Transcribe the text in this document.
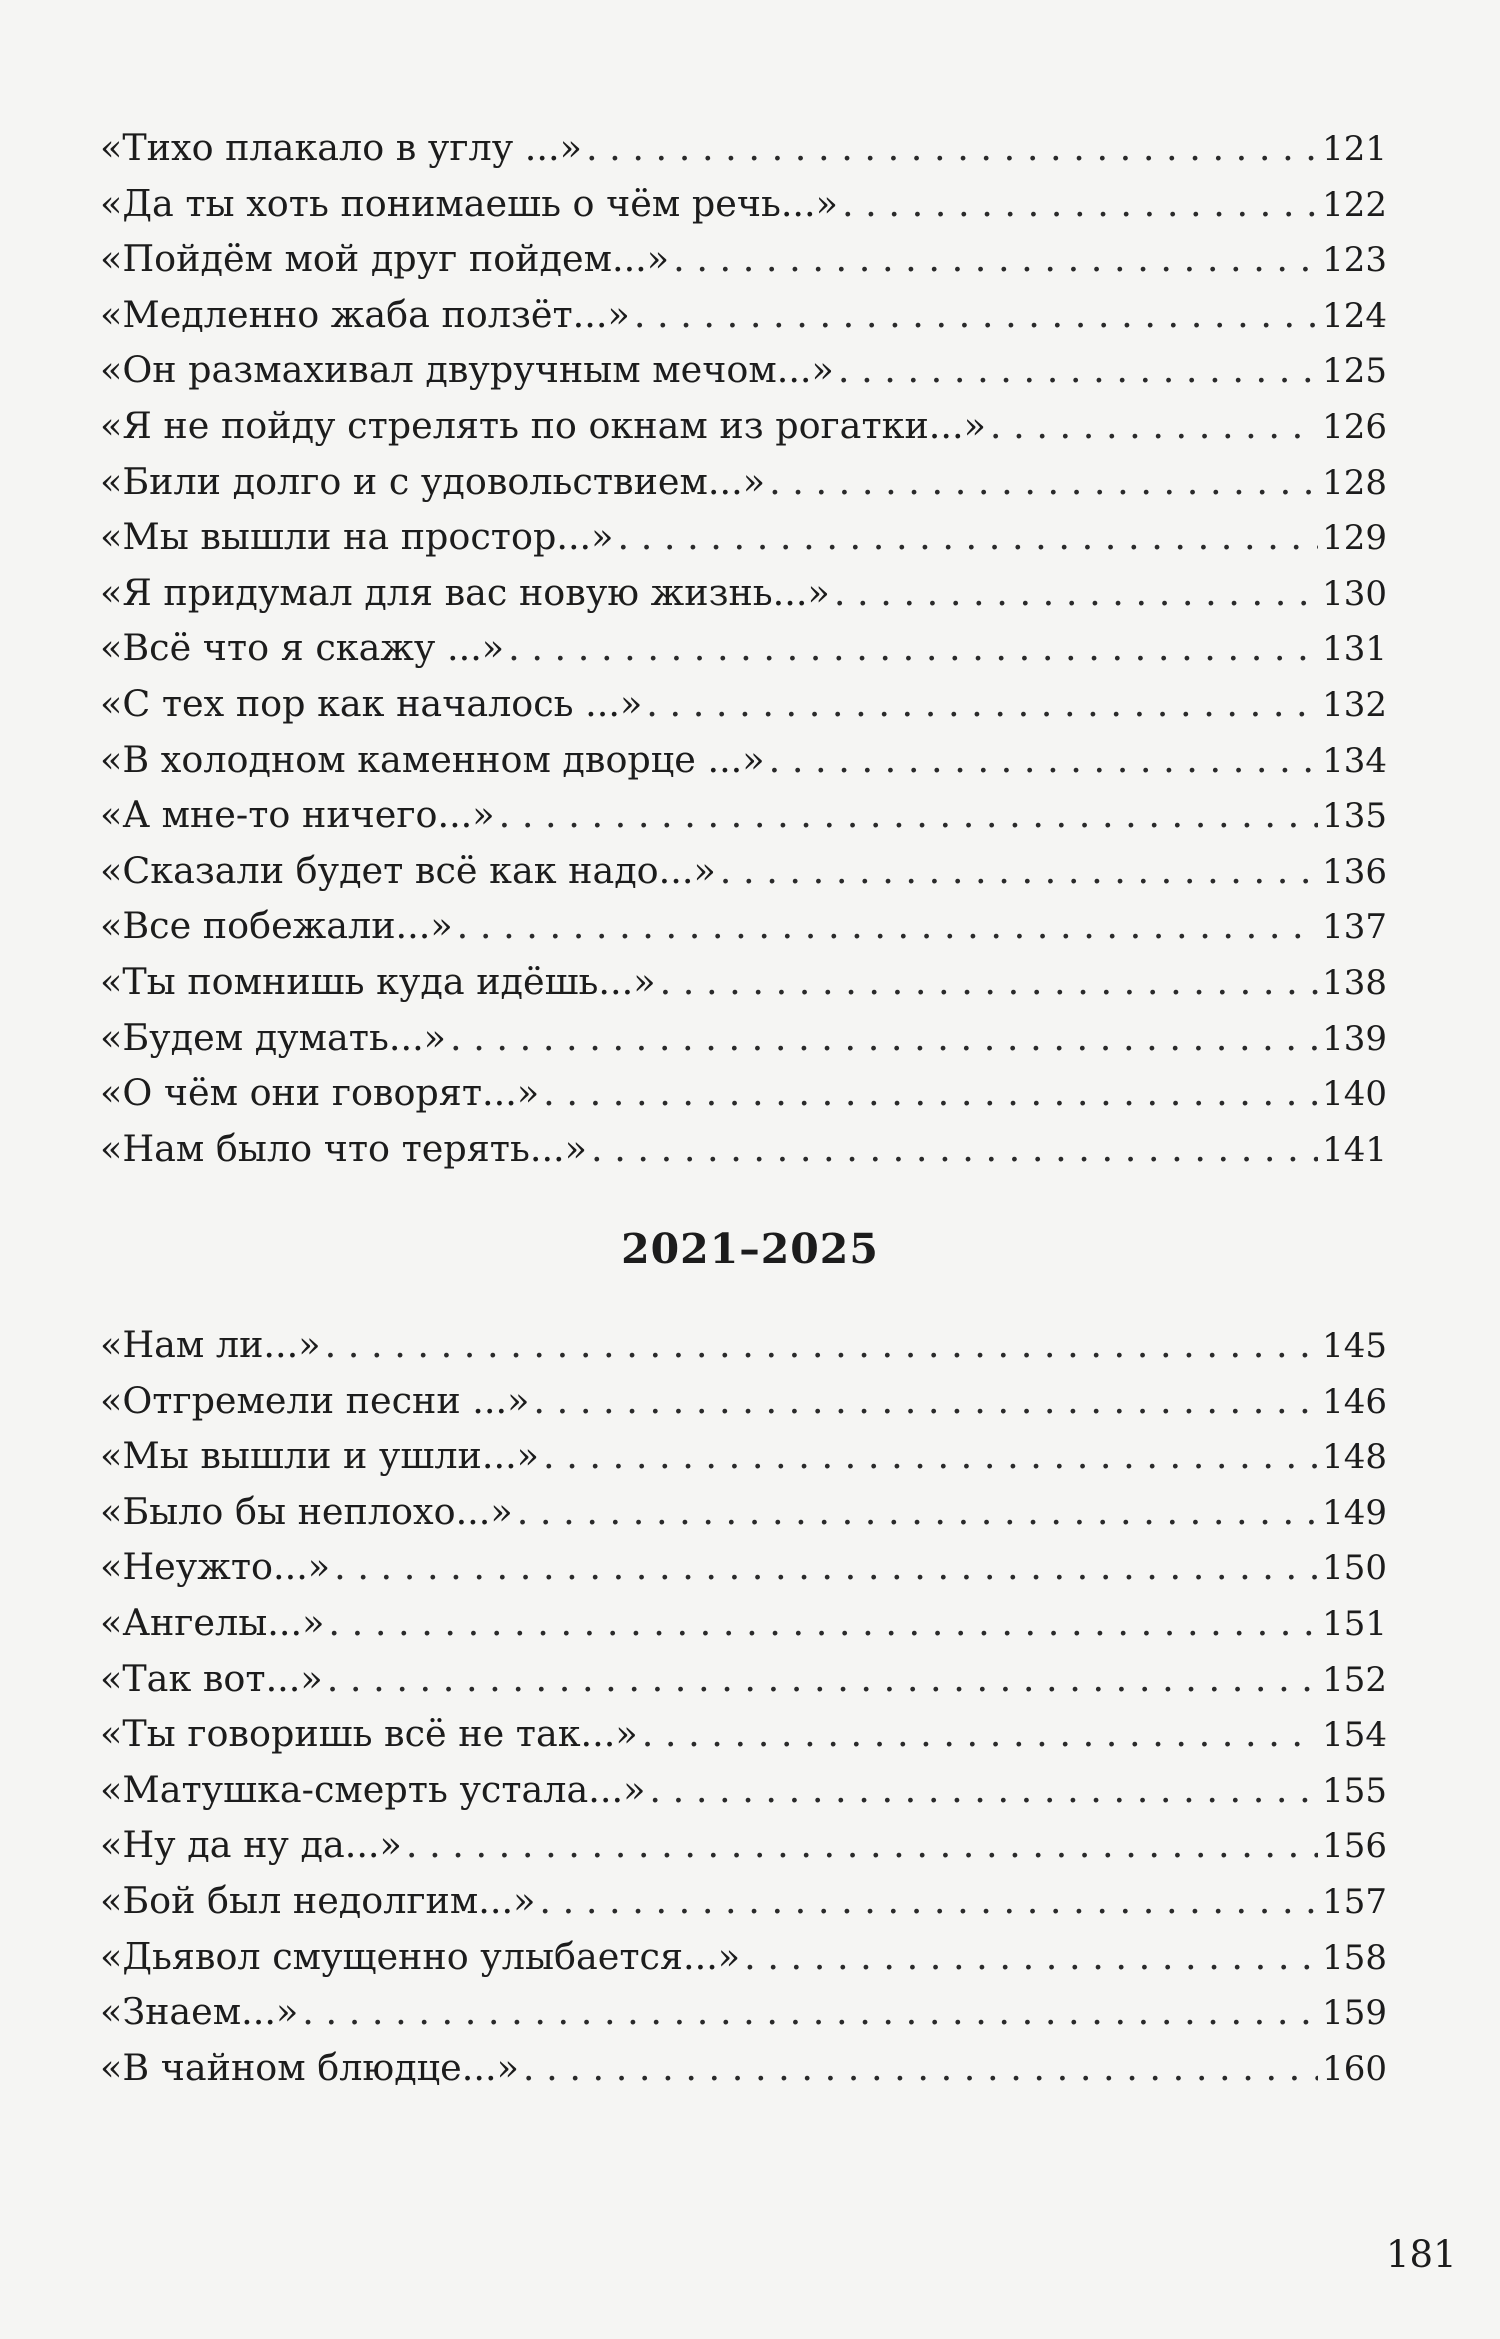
«Тихо плакало в углу ...» . . .	121
«Да ты хоть понимаешь о чём речь...» . . .	122
«Пойдём мой друг пойдем...» . . .	123
«Медленно жаба ползёт...» . . .	124
«Он размахивал двуручным мечом...» . . .	125
«Я не пойду стрелять по окнам из рогатки...» . . .	126
«Били долго и с удовольствием...» . . .	128
«Мы вышли на простор...» . . .	129
«Я придумал для вас новую жизнь...» . . .	130
«Всё что я скажу ...» . . .	131
«С тех пор как началось ...» . . .	132
«В холодном каменном дворце ...» . . .	134
«А мне-то ничего...» . . .	135
«Сказали будет всё как надо...» . . .	136
«Все побежали...» . . .	137
«Ты помнишь куда идёшь...» . . .	138
«Будем думать...» . . .	139
«О чём они говорят...» . . .	140
«Нам было что терять...» . . .	141
2021–2025
«Нам ли...» . . .	145
«Отгремели песни ...» . . .	146
«Мы вышли и ушли...» . . .	148
«Было бы неплохо...» . . .	149
«Неужто...» . . .	150
«Ангелы...» . . .	151
«Так вот...» . . .	152
«Ты говоришь всё не так...» . . .	154
«Матушка-смерть устала...» . . .	155
«Ну да ну да...» . . .	156
«Бой был недолгим...» . . .	157
«Дьявол смущенно улыбается...» . . .	158
«Знаем...» . . .	159
«В чайном блюдце...» . . .	160
181
